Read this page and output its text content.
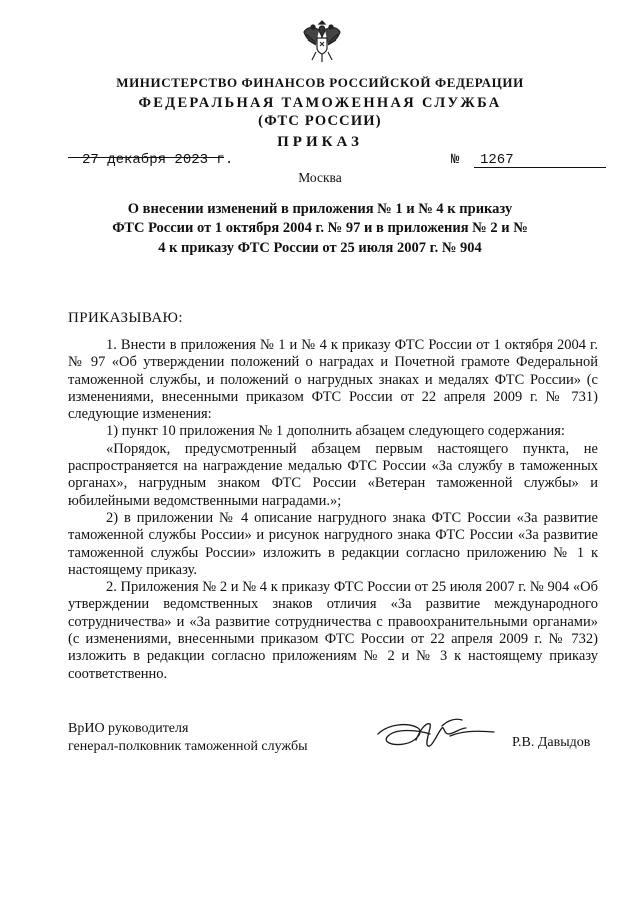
МИНИСТЕРСТВО ФИНАНСОВ РОССИЙСКОЙ ФЕДЕРАЦИИ
ФЕДЕРАЛЬНАЯ ТАМОЖЕННАЯ СЛУЖБА
(ФТС РОССИИ)
ПРИКАЗ
27 декабря 2023 г.	№ 1267
Москва
О внесении изменений в приложения № 1 и № 4 к приказу ФТС России от 1 октября 2004 г. № 97 и в приложения № 2 и № 4 к приказу ФТС России от 25 июля 2007 г. № 904
ПРИКАЗЫВАЮ:

1. Внести в приложения № 1 и № 4 к приказу ФТС России от 1 октября 2004 г. № 97 «Об утверждении положений о наградах и Почетной грамоте Федеральной таможенной службы, и положений о нагрудных знаках и медалях ФТС России» (с изменениями, внесенными приказом ФТС России от 22 апреля 2009 г. № 731) следующие изменения:

1) пункт 10 приложения № 1 дополнить абзацем следующего содержания:

«Порядок, предусмотренный абзацем первым настоящего пункта, не распространяется на награждение медалью ФТС России «За службу в таможенных органах», нагрудным знаком ФТС России «Ветеран таможенной службы» и юбилейными ведомственными наградами.»;

2) в приложении № 4 описание нагрудного знака ФТС России «За развитие таможенной службы России» и рисунок нагрудного знака ФТС России «За развитие таможенной службы России» изложить в редакции согласно приложению № 1 к настоящему приказу.

2. Приложения № 2 и № 4 к приказу ФТС России от 25 июля 2007 г. № 904 «Об утверждении ведомственных знаков отличия «За развитие международного сотрудничества» и «За развитие сотрудничества с правоохранительными органами» (с изменениями, внесенными приказом ФТС России от 22 апреля 2009 г. № 732) изложить в редакции согласно приложениям № 2 и № 3 к настоящему приказу соответственно.

ВрИО руководителя
генерал-полковник таможенной службы	Р.В. Давыдов
